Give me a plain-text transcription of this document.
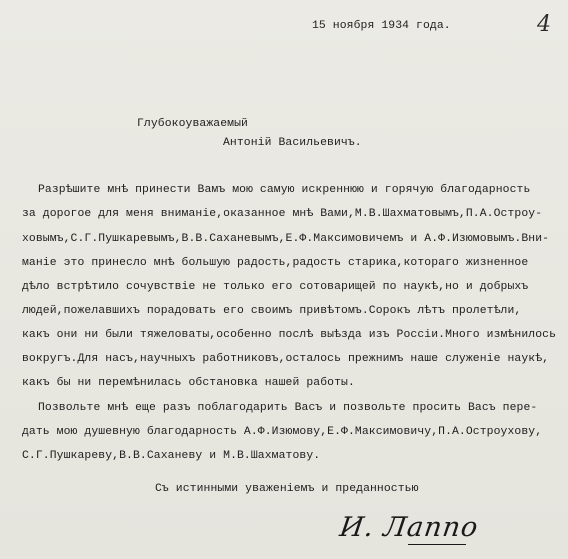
15 ноября 1934 года.	4
Глубокоуважаемый
Антоній Васильевичъ.
Разрѣшите мнѣ принести Вамъ мою самую искреннюю и горячую благодарность
за дорогое для меня вниманіе,оказанное мнѣ Вами,М.В.Шахматовымъ,П.А.Остроу-
ховымъ,С.Г.Пушкаревымъ,В.В.Саханевымъ,Е.Ф.Максимовичемъ и А.Ф.Изюмовымъ.Вни-
маніе это принесло мнѣ большую радость,радость старика,котораго жизненное
дѣло встрѣтило сочувствіе не только его сотоварищей по наукѣ,но и добрыхъ
людей,пожелавшихъ порадовать его своимъ привѣтомъ.Сорокъ лѣтъ пролетѣли,
какъ они ни были тяжеловаты,особенно послѣ выѣзда изъ Россіи.Много измѣнилось
вокругъ.Для насъ,научныхъ работниковъ,осталось прежнимъ наше служеніе наукѣ,
какъ бы ни перемѣнилась обстановка нашей работы.
Позвольте мнѣ еще разъ поблагодарить Васъ и позвольте просить Васъ пере-
дать мою душевную благодарность А.Ф.Изюмову,Е.Ф.Максимовичу,П.А.Остроухову,
С.Г.Пушкареву,В.В.Саханеву и М.В.Шахматову.
Съ истинными уваженіемъ и преданностью
И. Лаппо
